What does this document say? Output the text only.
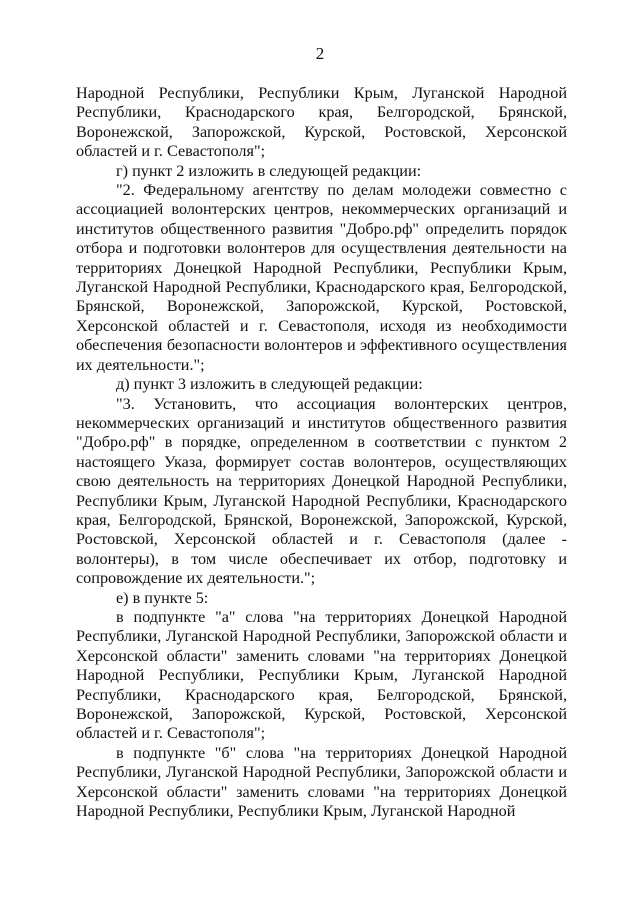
2

Народной Республики, Республики Крым, Луганской Народной Республики, Краснодарского края, Белгородской, Брянской, Воронежской, Запорожской, Курской, Ростовской, Херсонской областей и г. Севастополя";

г) пункт 2 изложить в следующей редакции:

"2. Федеральному агентству по делам молодежи совместно с ассоциацией волонтерских центров, некоммерческих организаций и институтов общественного развития "Добро.рф" определить порядок отбора и подготовки волонтеров для осуществления деятельности на территориях Донецкой Народной Республики, Республики Крым, Луганской Народной Республики, Краснодарского края, Белгородской, Брянской, Воронежской, Запорожской, Курской, Ростовской, Херсонской областей и г. Севастополя, исходя из необходимости обеспечения безопасности волонтеров и эффективного осуществления их деятельности.";

д) пункт 3 изложить в следующей редакции:

"3. Установить, что ассоциация волонтерских центров, некоммерческих организаций и институтов общественного развития "Добро.рф" в порядке, определенном в соответствии с пунктом 2 настоящего Указа, формирует состав волонтеров, осуществляющих свою деятельность на территориях Донецкой Народной Республики, Республики Крым, Луганской Народной Республики, Краснодарского края, Белгородской, Брянской, Воронежской, Запорожской, Курской, Ростовской, Херсонской областей и г. Севастополя (далее - волонтеры), в том числе обеспечивает их отбор, подготовку и сопровождение их деятельности.";

е) в пункте 5:

в подпункте "а" слова "на территориях Донецкой Народной Республики, Луганской Народной Республики, Запорожской области и Херсонской области" заменить словами "на территориях Донецкой Народной Республики, Республики Крым, Луганской Народной Республики, Краснодарского края, Белгородской, Брянской, Воронежской, Запорожской, Курской, Ростовской, Херсонской областей и г. Севастополя";

в подпункте "б" слова "на территориях Донецкой Народной Республики, Луганской Народной Республики, Запорожской области и Херсонской области" заменить словами "на территориях Донецкой Народной Республики, Республики Крым, Луганской Народной
